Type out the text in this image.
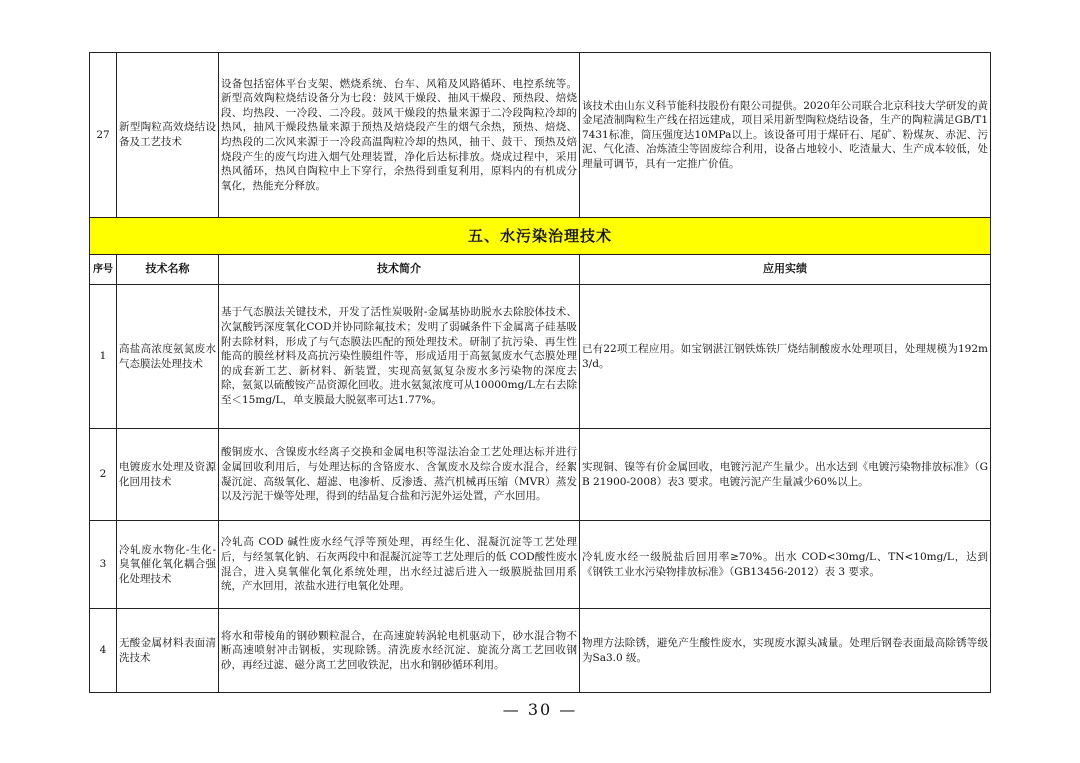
27	新型陶粒高效烧结设备及工艺技术	设备包括窑体平台支架、燃烧系统、台车、风箱及风路循环、电控系统等。新型高效陶粒烧结设备分为七段：鼓风干燥段、抽风干燥段、预热段、焙烧段、均热段、一冷段、二冷段。鼓风干燥段的热量来源于二冷段陶粒冷却的热风，抽风干燥段热量来源于预热及焙烧段产生的烟气余热，预热、焙烧、均热段的二次风来源于一冷段高温陶粒冷却的热风，抽干、鼓干、预热及焙烧段产生的废气均进入烟气处理装置，净化后达标排放。烧成过程中，采用热风循环，热风自陶粒中上下穿行，余热得到重复利用，原料内的有机成分氧化，热能充分释放。	该技术由山东义科节能科技股份有限公司提供。2020年公司联合北京科技大学研发的黄金尾渣制陶粒生产线在招远建成，项目采用新型陶粒烧结设备，生产的陶粒满足GB/T17431标准，筒压强度达10MPa以上。该设备可用于煤矸石、尾矿、粉煤灰、赤泥、污泥、气化渣、冶炼渣尘等固废综合利用，设备占地较小、吃渣量大、生产成本较低，处理量可调节，具有一定推广价值。
五、水污染治理技术			
序号	技术名称	技术简介	应用实绩
1	高盐高浓度氨氮废水气态膜法处理技术	基于气态膜法关键技术，开发了活性炭吸附-金属基协助脱水去除胶体技术、次氯酸钙深度氧化COD并协同除氟技术；发明了弱碱条件下金属离子硅基吸附去除材料，形成了与气态膜法匹配的预处理技术。研制了抗污染、再生性能高的膜丝材料及高抗污染性膜组件等，形成适用于高氨氮废水气态膜处理的成套新工艺、新材料、新装置，实现高氨氮复杂废水多污染物的深度去除，氨氮以硫酸铵产品资源化回收。进水氨氮浓度可从10000mg/L左右去除至＜15mg/L，单支膜最大脱氨率可达1.77%。	已有22项工程应用。如宝钢湛江钢铁炼铁厂烧结制酸废水处理项目，处理规模为192m3/d。
2	电镀废水处理及资源化回用技术	酸铜废水、含镍废水经离子交换和金属电积等湿法冶金工艺处理达标并进行金属回收利用后，与处理达标的含铬废水、含氰废水及综合废水混合，经絮凝沉淀、高级氧化、超滤、电渗析、反渗透、蒸汽机械再压缩（MVR）蒸发以及污泥干燥等处理，得到的结晶复合盐和污泥外运处置，产水回用。	实现铜、镍等有价金属回收，电镀污泥产生量少。出水达到《电镀污染物排放标准》（GB 21900-2008）表3 要求。电镀污泥产生量减少60%以上。
3	冷轧废水物化-生化-臭氧催化氧化耦合强化处理技术	冷轧高 COD 碱性废水经气浮等预处理，再经生化、混凝沉淀等工艺处理后，与经氢氧化钠、石灰两段中和混凝沉淀等工艺处理后的低 COD酸性废水混合，进入臭氧催化氧化系统处理，出水经过滤后进入一级膜脱盐回用系统，产水回用，浓盐水进行电氧化处理。	冷轧废水经一级脱盐后回用率≥70%。出水 COD<30mg/L、TN<10mg/L，达到《钢铁工业水污染物排放标准》（GB13456-2012）表 3 要求。
4	无酸金属材料表面清洗技术	将水和带棱角的钢砂颗粒混合，在高速旋转涡轮电机驱动下，砂水混合物不断高速喷射冲击钢板，实现除锈。清洗废水经沉淀、旋流分离工艺回收钢砂，再经过滤、磁分离工艺回收铁泥，出水和钢砂循环利用。	物理方法除锈，避免产生酸性废水，实现废水源头减量。处理后钢卷表面最高除锈等级为Sa3.0 级。
— 30 —
